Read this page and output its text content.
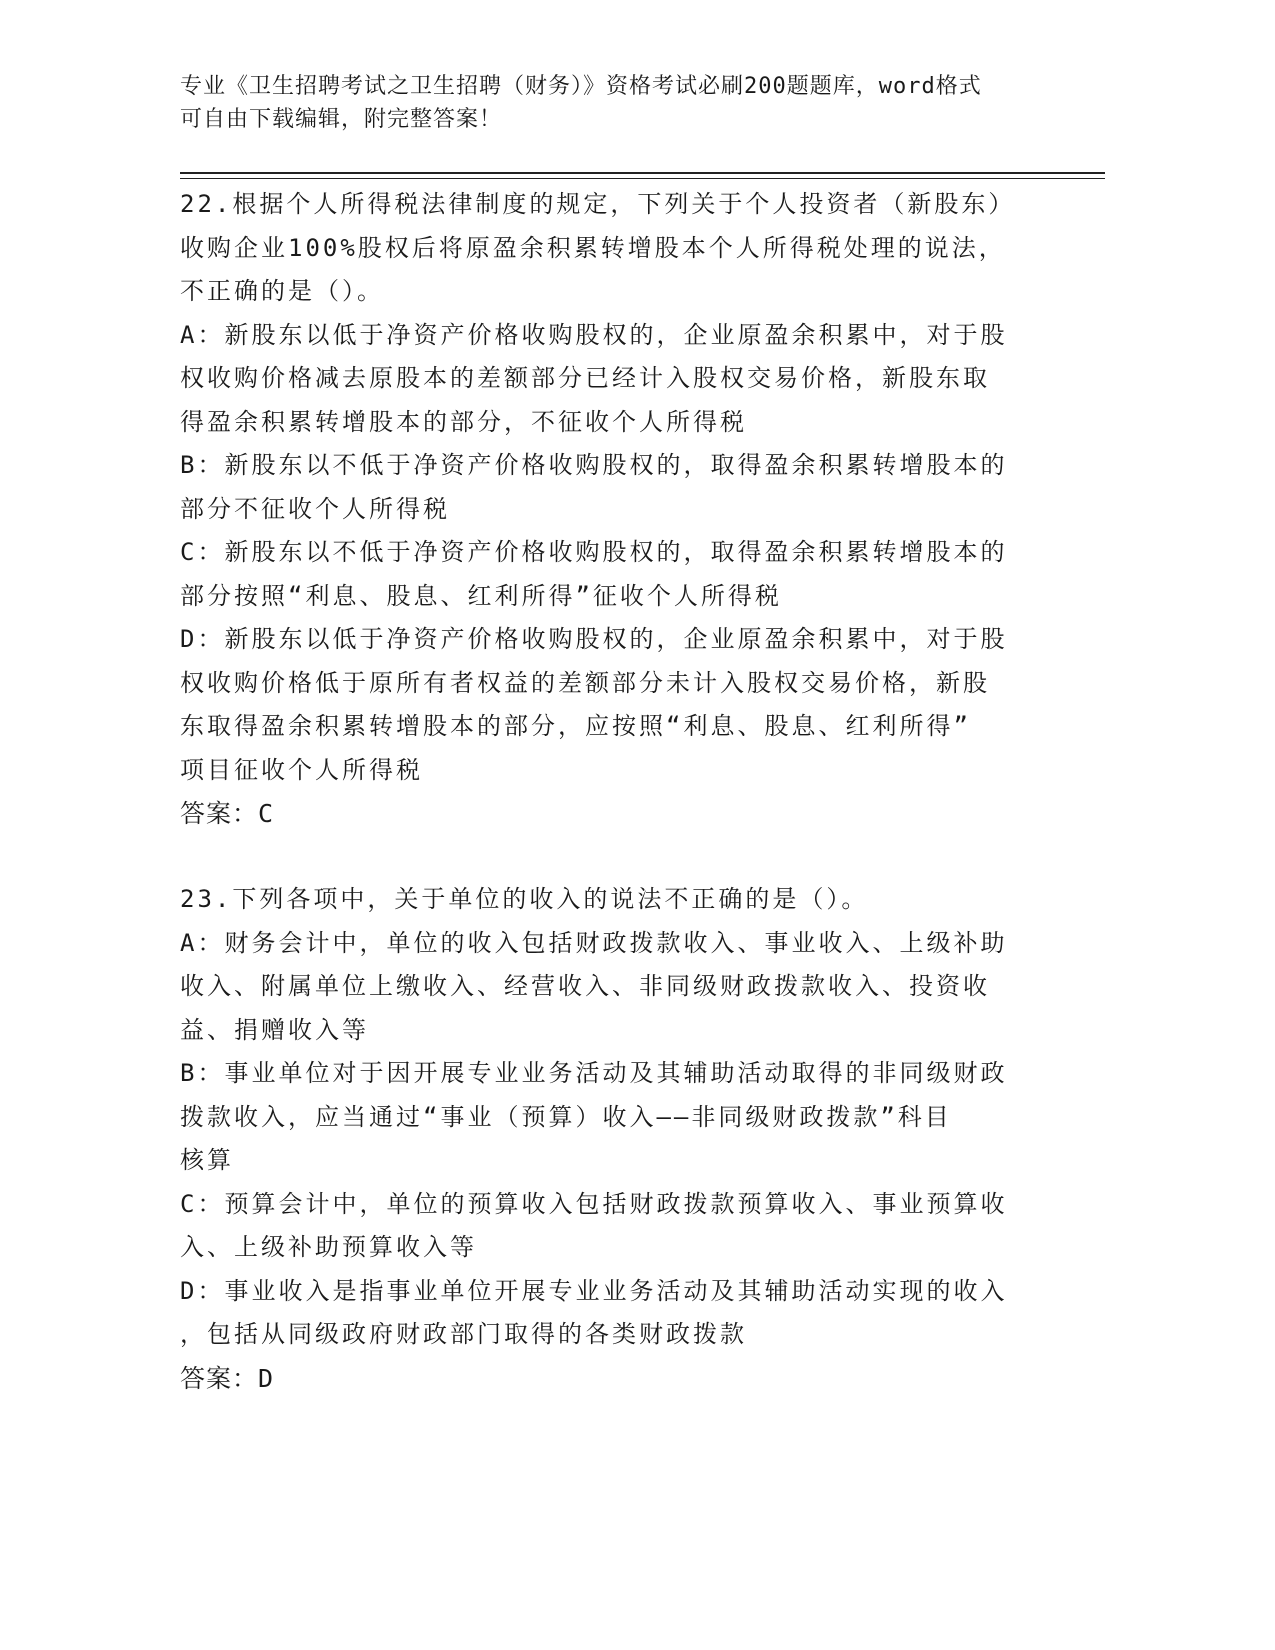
专业《卫生招聘考试之卫生招聘（财务）》资格考试必刷200题题库，word格式
可自由下载编辑，附完整答案！
22.根据个人所得税法律制度的规定，下列关于个人投资者（新股东）
收购企业100%股权后将原盈余积累转增股本个人所得税处理的说法，
不正确的是（）。
A：新股东以低于净资产价格收购股权的，企业原盈余积累中，对于股
权收购价格减去原股本的差额部分已经计入股权交易价格，新股东取
得盈余积累转增股本的部分，不征收个人所得税
B：新股东以不低于净资产价格收购股权的，取得盈余积累转增股本的
部分不征收个人所得税
C：新股东以不低于净资产价格收购股权的，取得盈余积累转增股本的
部分按照“利息、股息、红利所得”征收个人所得税
D：新股东以低于净资产价格收购股权的，企业原盈余积累中，对于股
权收购价格低于原所有者权益的差额部分未计入股权交易价格，新股
东取得盈余积累转增股本的部分，应按照“利息、股息、红利所得”
项目征收个人所得税
答案：C
23.下列各项中，关于单位的收入的说法不正确的是（）。
A：财务会计中，单位的收入包括财政拨款收入、事业收入、上级补助
收入、附属单位上缴收入、经营收入、非同级财政拨款收入、投资收
益、捐赠收入等
B：事业单位对于因开展专业业务活动及其辅助活动取得的非同级财政
拨款收入，应当通过“事业（预算）收入——非同级财政拨款”科目
核算
C：预算会计中，单位的预算收入包括财政拨款预算收入、事业预算收
入、上级补助预算收入等
D：事业收入是指事业单位开展专业业务活动及其辅助活动实现的收入
，包括从同级政府财政部门取得的各类财政拨款
答案：D
